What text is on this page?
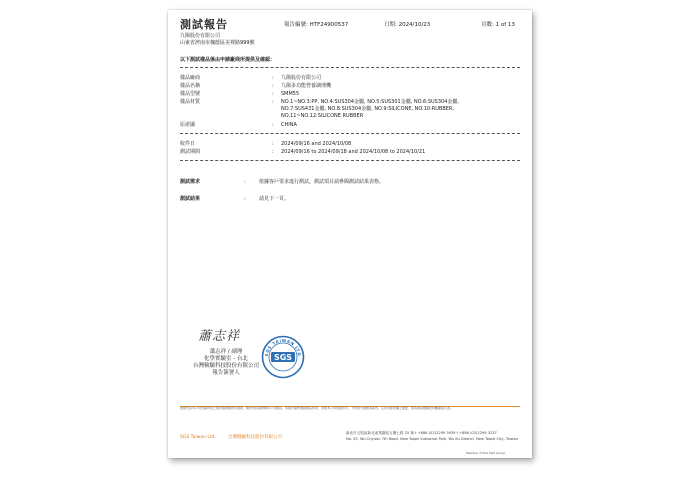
測試報告	報告編號: HTF24900537	日期: 2024/10/23	頁數: 1 of 13
九陽股份有限公司
山東省濟南市槐蔭區美裡路999號
以下測試樣品係由申請廠商所提供及確認：
樣品廠商	: 九陽股份有限公司
樣品名稱	: 九陽多功能營養調理機
樣品型號	: SMM55
樣品材質	: NO.1~NO.3:PP, NO.4:SUS304金屬, NO.5:SUS301金屬, NO.6:SUS304金屬,
NO.7:SUS431金屬, NO.8:SUS304金屬, NO.9:SILICONE, NO.10:RUBBER,
NO.11~NO.12:SILICONE RUBBER
原產國	: CHINA
收件日	: 2024/09/16 and 2024/10/08
測試期間	: 2024/09/16 to 2024/09/18 and 2024/10/08 to 2024/10/21
測試需求	:	依據客戶要求進行測試，測試項目請參閱測試結果表格。
測試結果	:	請見下一頁。
蕭志祥
蕭志祥 / 副理
化學實驗室 - 台北
台灣檢驗科技股份有限公司
報告簽署人
SGS TAIWAN LTD
SGS
此報告係本公司依據所附之通用服務條款所簽發，條款內容請參閱本公司網站。本報告僅對測試樣品負責，未經本公司書面許可，不得部分複製本報告。任何未經授權之變更、偽造或虛假陳述均屬違法行為。
SGS Taiwan Ltd.	台灣檢驗科技股份有限公司
新北市五股區新北產業園區五權七路 25 號 t +886 (02)2299 3939 f +886 (02)2299 3237
No. 25, Wu Chyuan 7th Road, New Taipei Industrial Park, Wu Ku District, New Taipei City, Taiwan
Member of the SGS Group
